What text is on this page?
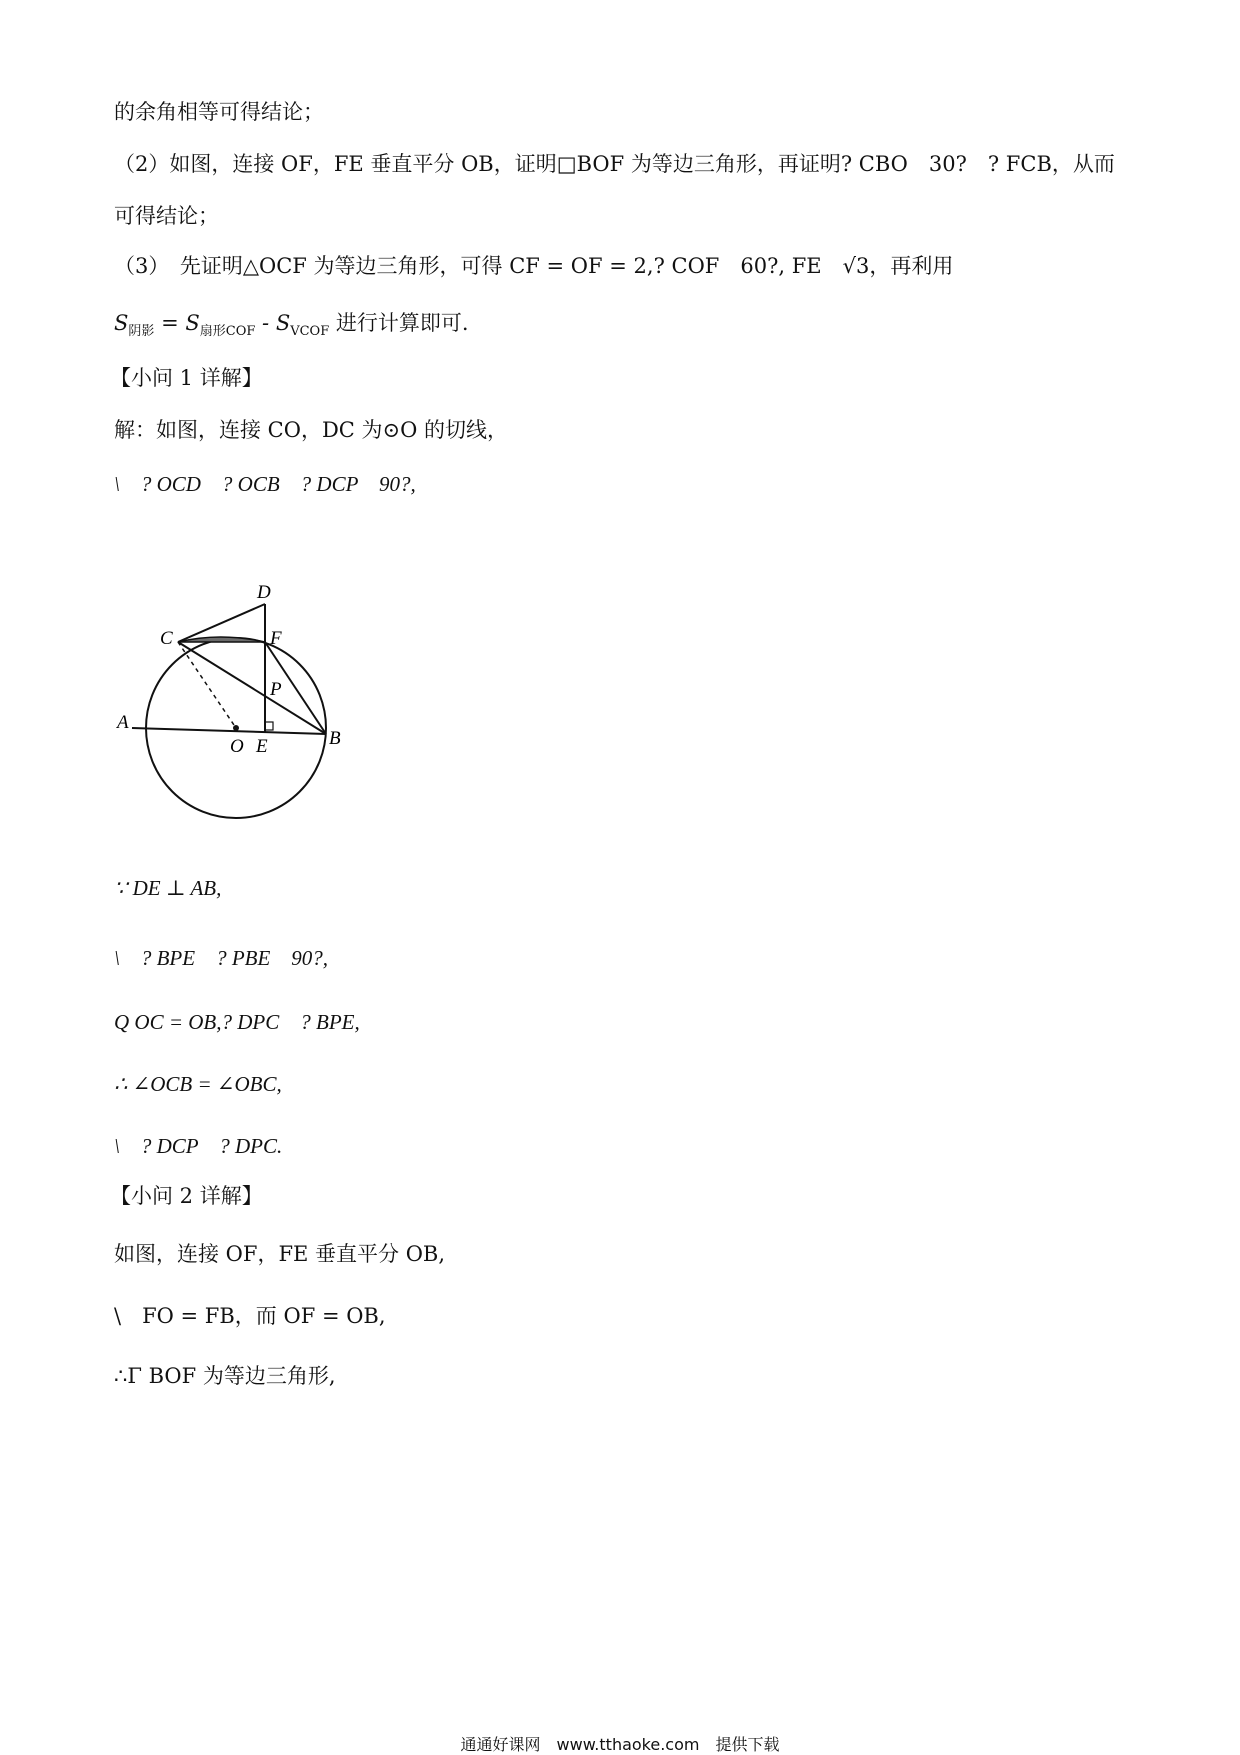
的余角相等可得结论；
（2）如图，连接 OF，FE 垂直平分 OB，证明□BOF 为等边三角形，再证明? CBO　30?　? FCB，从而
可得结论；
（3）　先证明△OCF 为等边三角形，可得 CF = OF = 2,? COF　60?, FE　√3，再利用
$S_{阴影} = S_{扇形COF} - S_{VCOF}$ 进行计算即可.
【小问 1 详解】
解：如图，连接 CO，DC 为⊙O 的切线，
\　? OCD　? OCB　? DCP　90?,
A
B
C
D
E
F
O
P
∵ DE ⊥ AB,
\　? BPE　? PBE　90?,
Q OC = OB,? DPC　? BPE,
∴ ∠OCB = ∠OBC,
\　? DCP　? DPC.
【小问 2 详解】
如图，连接 OF，FE 垂直平分 OB,
\　FO = FB，而 OF = OB,
∴Γ BOF 为等边三角形,
通通好课网　www.tthaoke.com　提供下载
